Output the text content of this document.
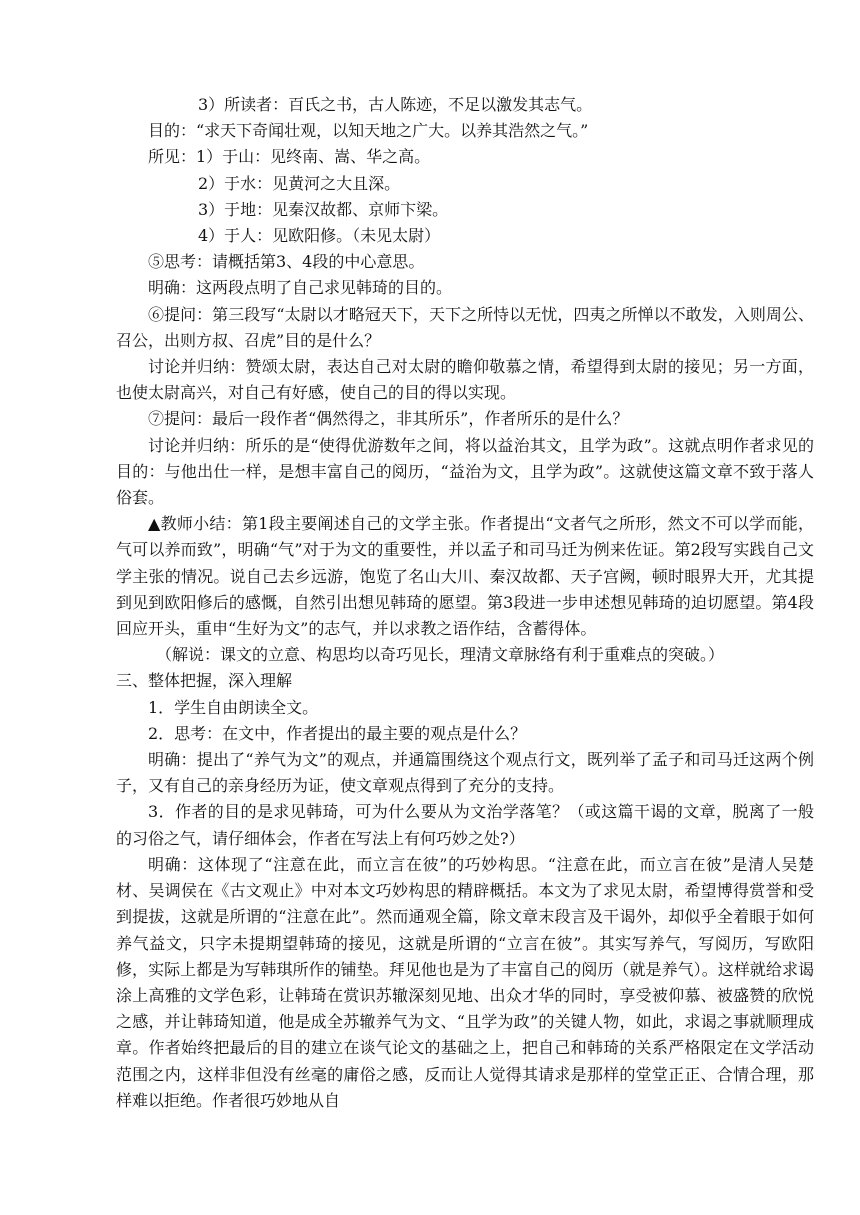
3）所读者：百氏之书，古人陈迹，不足以激发其志气。

目的：“求天下奇闻壮观，以知天地之广大。以养其浩然之气。”

所见：1）于山：见终南、嵩、华之高。

2）于水：见黄河之大且深。

3）于地：见秦汉故都、京师卞梁。

4）于人：见欧阳修。（未见太尉）

⑤思考：请概括第3、4段的中心意思。

明确：这两段点明了自己求见韩琦的目的。

⑥提问：第三段写“太尉以才略冠天下，天下之所恃以无忧，四夷之所惮以不敢发，入则周公、召公，出则方叔、召虎”目的是什么？

讨论并归纳：赞颂太尉，表达自己对太尉的瞻仰敬慕之情，希望得到太尉的接见；另一方面，也使太尉高兴，对自己有好感，使自己的目的得以实现。

⑦提问：最后一段作者“偶然得之，非其所乐”，作者所乐的是什么？

讨论并归纳：所乐的是“使得优游数年之间，将以益治其文，且学为政”。这就点明作者求见的目的：与他出仕一样，是想丰富自己的阅历，“益治为文，且学为政”。这就使这篇文章不致于落人俗套。

▲教师小结：第1段主要阐述自己的文学主张。作者提出“文者气之所形，然文不可以学而能，气可以养而致”，明确“气”对于为文的重要性，并以孟子和司马迁为例来佐证。第2段写实践自己文学主张的情况。说自己去乡远游，饱览了名山大川、秦汉故都、天子宫阙，顿时眼界大开，尤其提到见到欧阳修后的感慨，自然引出想见韩琦的愿望。第3段进一步申述想见韩琦的迫切愿望。第4段回应开头，重申“生好为文”的志气，并以求教之语作结，含蓄得体。

（解说：课文的立意、构思均以奇巧见长，理清文章脉络有利于重难点的突破。）

三、整体把握，深入理解

1．学生自由朗读全文。

2．思考：在文中，作者提出的最主要的观点是什么？

明确：提出了“养气为文”的观点，并通篇围绕这个观点行文，既列举了孟子和司马迁这两个例子，又有自己的亲身经历为证，使文章观点得到了充分的支持。

3．作者的目的是求见韩琦，可为什么要从为文治学落笔？（或这篇干谒的文章，脱离了一般的习俗之气，请仔细体会，作者在写法上有何巧妙之处?）

明确：这体现了“注意在此，而立言在彼”的巧妙构思。“注意在此，而立言在彼”是清人吴楚材、吴调侯在《古文观止》中对本文巧妙构思的精辟概括。本文为了求见太尉，希望博得赏誉和受到提拔，这就是所谓的“注意在此”。然而通观全篇，除文章末段言及干谒外，却似乎全着眼于如何养气益文，只字未提期望韩琦的接见，这就是所谓的“立言在彼”。其实写养气，写阅历，写欧阳修，实际上都是为写韩琪所作的铺垫。拜见他也是为了丰富自己的阅历（就是养气）。这样就给求谒涂上高雅的文学色彩，让韩琦在赏识苏辙深刻见地、出众才华的同时，享受被仰慕、被盛赞的欣悦之感，并让韩琦知道，他是成全苏辙养气为文、“且学为政”的关键人物，如此，求谒之事就顺理成章。作者始终把最后的目的建立在谈气论文的基础之上，把自己和韩琦的关系严格限定在文学活动范围之内，这样非但没有丝毫的庸俗之感，反而让人觉得其请求是那样的堂堂正正、合情合理，那样难以拒绝。作者很巧妙地从自
